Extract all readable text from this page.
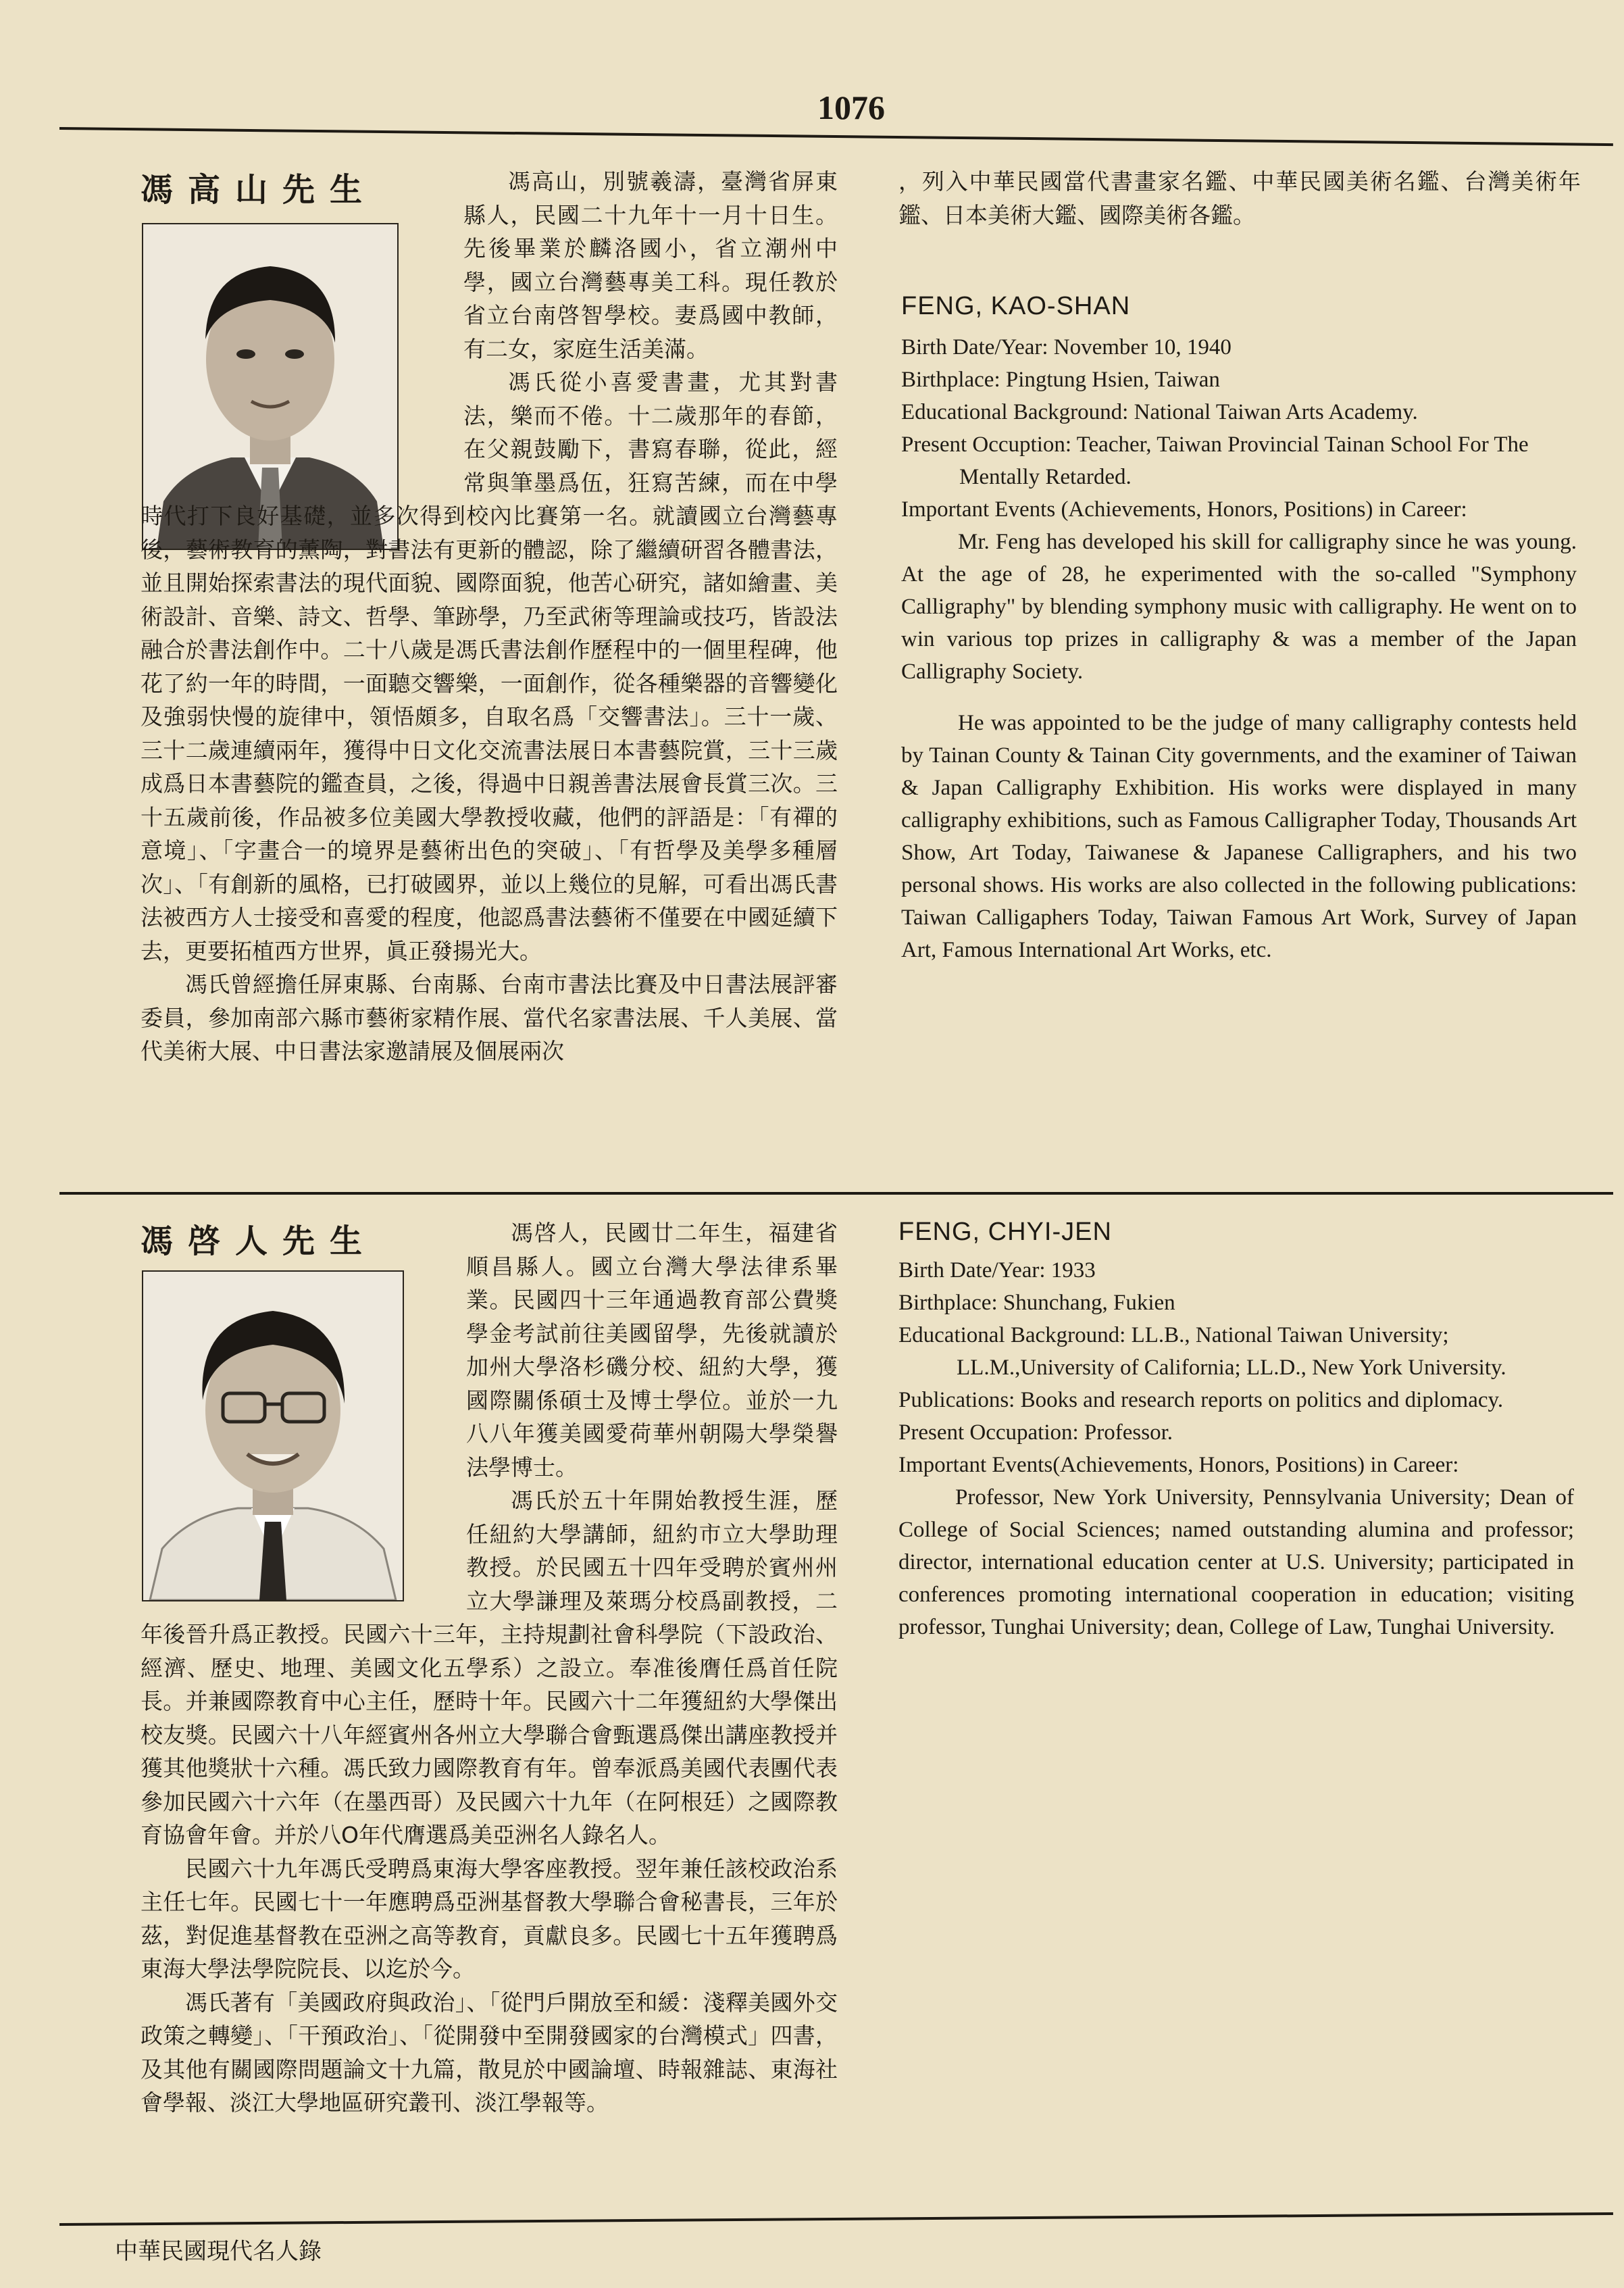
1076
馮高山先生	馮高山，別號羲濤，臺灣省屏東縣人，民國二十九年十一月十日生。先後畢業於麟洛國小，省立潮州中學，國立台灣藝專美工科。現任教於省立台南啓智學校。妻爲國中教師，有二女，家庭生活美滿。

馮氏從小喜愛書畫，尤其對書法，樂而不倦。十二歲那年的春節，在父親鼓勵下，書寫春聯，從此，經常與筆墨爲伍，狂寫苦練，而在中學時代打下良好基礎，並多次得到校內比賽第一名。就讀國立台灣藝專後，藝術教育的薰陶，對書法有更新的體認，除了繼續研習各體書法，並且開始探索書法的現代面貌、國際面貌，他苦心研究，諸如繪畫、美術設計、音樂、詩文、哲學、筆跡學，乃至武術等理論或技巧，皆設法融合於書法創作中。二十八歲是馮氏書法創作歷程中的一個里程碑，他花了約一年的時間，一面聽交響樂，一面創作，從各種樂器的音響變化及強弱快慢的旋律中，領悟頗多，自取名爲「交響書法」。三十一歲、三十二歲連續兩年，獲得中日文化交流書法展日本書藝院賞，三十三歲成爲日本書藝院的鑑查員，之後，得過中日親善書法展會長賞三次。三十五歲前後，作品被多位美國大學教授收藏，他們的評語是：「有禪的意境」、「字畫合一的境界是藝術出色的突破」、「有哲學及美學多種層次」、「有創新的風格，已打破國界，並以上幾位的見解，可看出馮氏書法被西方人士接受和喜愛的程度，他認爲書法藝術不僅要在中國延續下去，更要拓植西方世界，眞正發揚光大。

馮氏曾經擔任屏東縣、台南縣、台南市書法比賽及中日書法展評審委員，參加南部六縣市藝術家精作展、當代名家書法展、千人美展、當代美術大展、中日書法家邀請展及個展兩次

，列入中華民國當代書畫家名鑑、中華民國美術名鑑、台灣美術年鑑、日本美術大鑑、國際美術各鑑。

FENG, KAO-SHAN
Birth Date/Year: November 10, 1940
Birthplace: Pingtung Hsien, Taiwan
Educational Background: National Taiwan Arts Academy.
Present Occuption: Teacher, Taiwan Provincial Tainan School For The Mentally Retarded.
Important Events (Achievements, Honors, Positions) in Career:

Mr. Feng has developed his skill for calligraphy since he was young. At the age of 28, he experimented with the so-called "Symphony Calligraphy" by blending symphony music with calligraphy. He went on to win various top prizes in calligraphy & was a member of the Japan Calligraphy Society.

He was appointed to be the judge of many calligraphy contests held by Tainan County & Tainan City governments, and the examiner of Taiwan & Japan Calligraphy Exhibition. His works were displayed in many calligraphy exhibitions, such as Famous Calligrapher Today, Thousands Art Show, Art Today, Taiwanese & Japanese Calligraphers, and his two personal shows. His works are also collected in the following publications: Taiwan Calligaphers Today, Taiwan Famous Art Work, Survey of Japan Art, Famous International Art Works, etc.

馮啓人先生	馮啓人，民國廿二年生，福建省順昌縣人。國立台灣大學法律系畢業。民國四十三年通過教育部公費獎學金考試前往美國留學，先後就讀於加州大學洛杉磯分校、紐約大學，獲國際關係碩士及博士學位。並於一九八八年獲美國愛荷華州朝陽大學榮譽法學博士。

馮氏於五十年開始教授生涯，歷任紐約大學講師，紐約市立大學助理教授。於民國五十四年受聘於賓州州立大學謙理及萊瑪分校爲副教授，二年後晉升爲正教授。民國六十三年，主持規劃社會科學院（下設政治、經濟、歷史、地理、美國文化五學系）之設立。奉准後膺任爲首任院長。并兼國際教育中心主任，歷時十年。民國六十二年獲紐約大學傑出校友獎。民國六十八年經賓州各州立大學聯合會甄選爲傑出講座教授并獲其他獎狀十六種。馮氏致力國際教育有年。曾奉派爲美國代表團代表參加民國六十六年（在墨西哥）及民國六十九年（在阿根廷）之國際教育協會年會。并於八O年代膺選爲美亞洲名人錄名人。

民國六十九年馮氏受聘爲東海大學客座教授。翌年兼任該校政治系主任七年。民國七十一年應聘爲亞洲基督教大學聯合會秘書長，三年於茲，對促進基督教在亞洲之高等教育，貢獻良多。民國七十五年獲聘爲東海大學法學院院長、以迄於今。

馮氏著有「美國政府與政治」、「從門戶開放至和緩：淺釋美國外交政策之轉變」、「干預政治」、「從開發中至開發國家的台灣模式」四書，及其他有關國際問題論文十九篇，散見於中國論壇、時報雜誌、東海社會學報、淡江大學地區研究叢刊、淡江學報等。

FENG, CHYI-JEN
Birth Date/Year: 1933
Birthplace: Shunchang, Fukien
Educational Background: LL.B., National Taiwan University; LL.M.,University of California; LL.D., New York University.
Publications: Books and research reports on politics and diplomacy.
Present Occupation: Professor.
Important Events(Achievements, Honors, Positions) in Career:

Professor, New York University, Pennsylvania University; Dean of College of Social Sciences; named outstanding alumina and professor; director, international education center at U.S. University; participated in conferences promoting international cooperation in education; visiting professor, Tunghai University; dean, College of Law, Tunghai University.

中華民國現代名人錄
